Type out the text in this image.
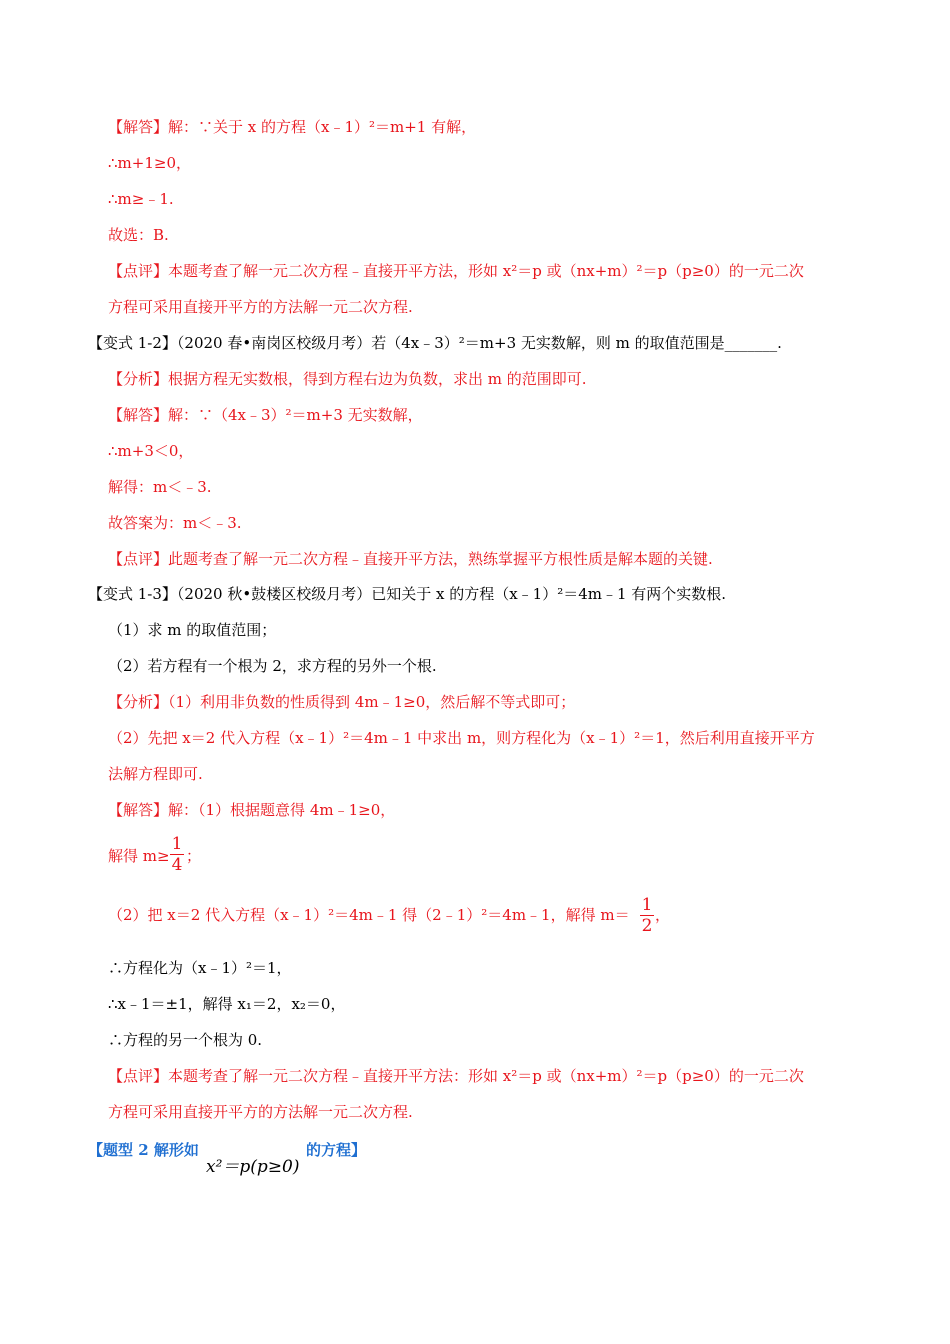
【解答】解：∵关于 x 的方程（x﹣1）²＝m+1 有解，
∴m+1≥0，
∴m≥﹣1.
故选：B.
【点评】本题考查了解一元二次方程﹣直接开平方法，形如 x²＝p 或（nx+m）²＝p（p≥0）的一元二次
方程可采用直接开平方的方法解一元二次方程.
【变式 1-2】（2020 春•南岗区校级月考）若（4x﹣3）²＝m+3 无实数解，则 m 的取值范围是_______.
【分析】根据方程无实数根，得到方程右边为负数，求出 m 的范围即可.
【解答】解：∵（4x﹣3）²＝m+3 无实数解，
∴m+3＜0，
解得：m＜﹣3.
故答案为：m＜﹣3.
【点评】此题考查了解一元二次方程﹣直接开平方法，熟练掌握平方根性质是解本题的关键.
【变式 1-3】（2020 秋•鼓楼区校级月考）已知关于 x 的方程（x﹣1）²＝4m﹣1 有两个实数根.
（1）求 m 的取值范围；
（2）若方程有一个根为 2，求方程的另外一个根.
【分析】（1）利用非负数的性质得到 4m﹣1≥0，然后解不等式即可；
（2）先把 x＝2 代入方程（x﹣1）²＝4m﹣1 中求出 m，则方程化为（x﹣1）²＝1，然后利用直接开平方
法解方程即可.
【解答】解：（1）根据题意得 4m﹣1≥0，
解得 m≥
1
4 ；
（2）把 x＝2 代入方程（x﹣1）²＝4m﹣1 得（2﹣1）²＝4m﹣1，解得 m＝ 1
2
，
∴方程化为（x﹣1）²＝1，
∴x﹣1＝±1，解得 x₁＝2，x₂＝0，
∴方程的另一个根为 0.
【点评】本题考查了解一元二次方程﹣直接开平方法：形如 x²＝p 或（nx+m）²＝p（p≥0）的一元二次
方程可采用直接开平方的方法解一元二次方程.
【题型 2 解形如
x²＝p(p≥0)
的方程】
